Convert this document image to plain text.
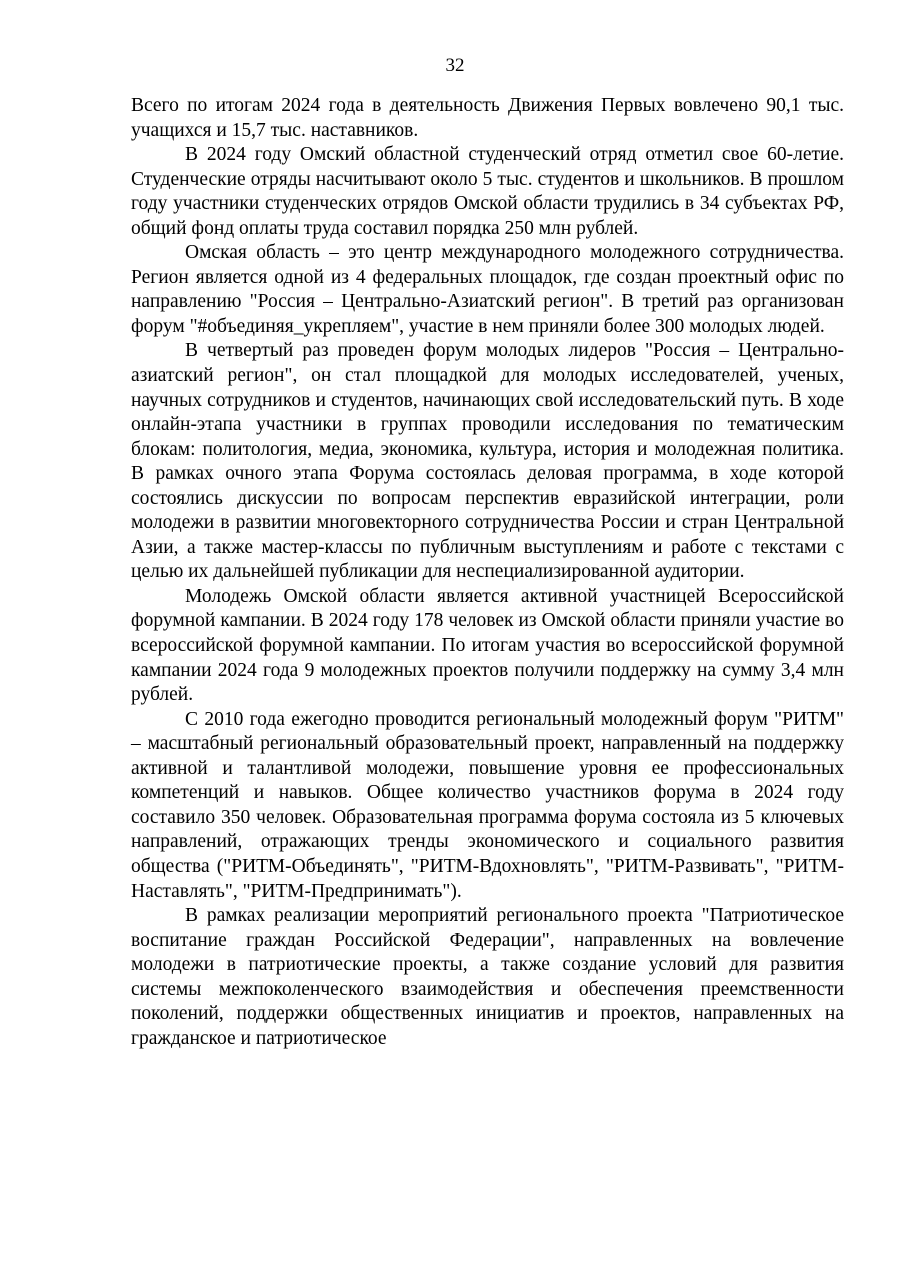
32

Всего по итогам 2024 года в деятельность Движения Первых вовлечено 90,1 тыс. учащихся и 15,7 тыс. наставников.

В 2024 году Омский областной студенческий отряд отметил свое 60-летие. Студенческие отряды насчитывают около 5 тыс. студентов и школьников. В прошлом году участники студенческих отрядов Омской области трудились в 34 субъектах РФ, общий фонд оплаты труда составил порядка 250 млн рублей.

Омская область – это центр международного молодежного сотрудничества. Регион является одной из 4 федеральных площадок, где создан проектный офис по направлению "Россия – Центрально-Азиатский регион". В третий раз организован форум "#объединяя_укрепляем", участие в нем приняли более 300 молодых людей.

В четвертый раз проведен форум молодых лидеров "Россия – Центрально-азиатский регион", он стал площадкой для молодых исследователей, ученых, научных сотрудников и студентов, начинающих свой исследовательский путь. В ходе онлайн-этапа участники в группах проводили исследования по тематическим блокам: политология, медиа, экономика, культура, история и молодежная политика. В рамках очного этапа Форума состоялась деловая программа, в ходе которой состоялись дискуссии по вопросам перспектив евразийской интеграции, роли молодежи в развитии многовекторного сотрудничества России и стран Центральной Азии, а также мастер-классы по публичным выступлениям и работе с текстами с целью их дальнейшей публикации для неспециализированной аудитории.

Молодежь Омской области является активной участницей Всероссийской форумной кампании. В 2024 году 178 человек из Омской области приняли участие во всероссийской форумной кампании. По итогам участия во всероссийской форумной кампании 2024 года 9 молодежных проектов получили поддержку на сумму 3,4 млн рублей.

С 2010 года ежегодно проводится региональный молодежный форум "РИТМ" – масштабный региональный образовательный проект, направленный на поддержку активной и талантливой молодежи, повышение уровня ее профессиональных компетенций и навыков. Общее количество участников форума в 2024 году составило 350 человек. Образовательная программа форума состояла из 5 ключевых направлений, отражающих тренды экономического и социального развития общества ("РИТМ-Объединять", "РИТМ-Вдохновлять", "РИТМ-Развивать", "РИТМ-Наставлять", "РИТМ-Предпринимать").

В рамках реализации мероприятий регионального проекта "Патриотическое воспитание граждан Российской Федерации", направленных на вовлечение молодежи в патриотические проекты, а также создание условий для развития системы межпоколенческого взаимодействия и обеспечения преемственности поколений, поддержки общественных инициатив и проектов, направленных на гражданское и патриотическое
